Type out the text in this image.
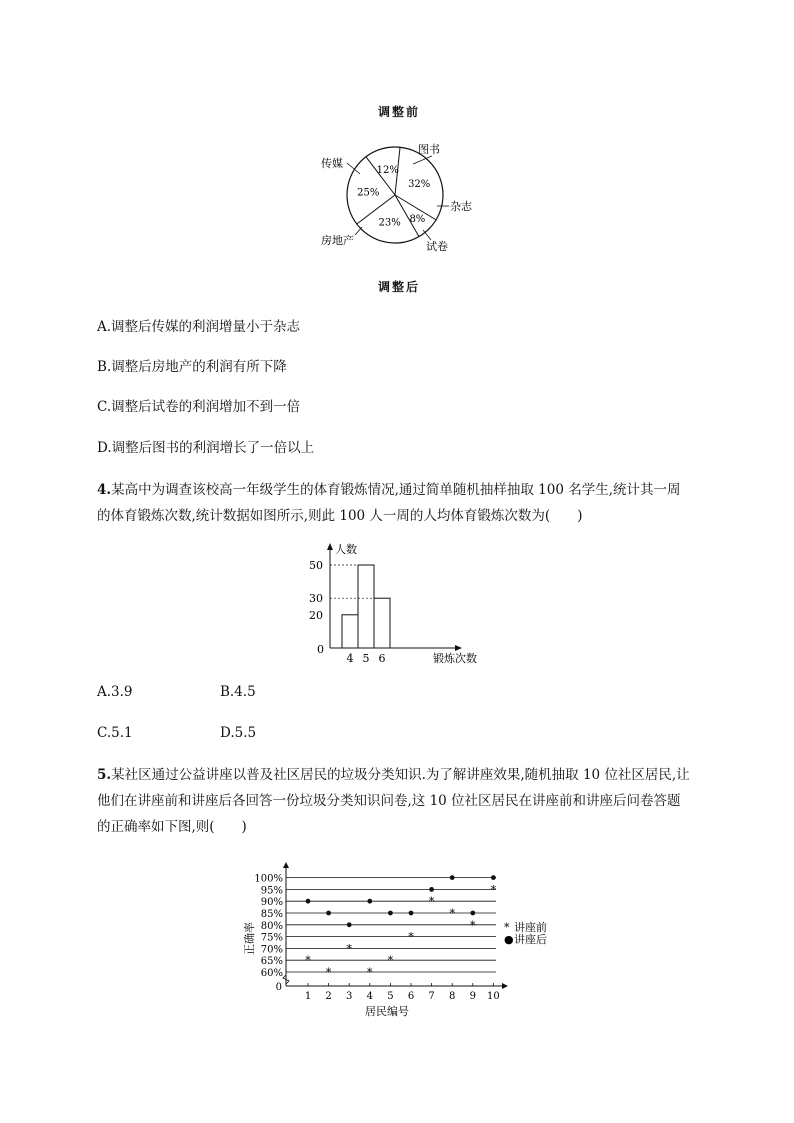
调整前
32%
图书
8%
杂志
23%
试卷
25%
房地产
12%
传媒
调整后
A.调整后传媒的利润增量小于杂志
B.调整后房地产的利润有所下降
C.调整后试卷的利润增加不到一倍
D.调整后图书的利润增长了一倍以上
4.某高中为调查该校高一年级学生的体育锻炼情况,通过简单随机抽样抽取 100 名学生,统计其一周
的体育锻炼次数,统计数据如图所示,则此 100 人一周的人均体育锻炼次数为(　　)
人数
锻炼次数
0
4 5 6
50
30
20
A.3.9	B.4.5
C.5.1	D.5.5
5.某社区通过公益讲座以普及社区居民的垃圾分类知识.为了解讲座效果,随机抽取 10 位社区居民,让
他们在讲座前和讲座后各回答一份垃圾分类知识问卷,这 10 位社区居民在讲座前和讲座后问卷答题
的正确率如下图,则(　　)
100%
95%
90%
85%
80%
75%
70%
65%
60%
0
1 2 3 4 5 6 7 8 9 10
*
*
*
*
*
*
*
*
*
*
* 讲座前
● 讲座后
居民编号
正确率
